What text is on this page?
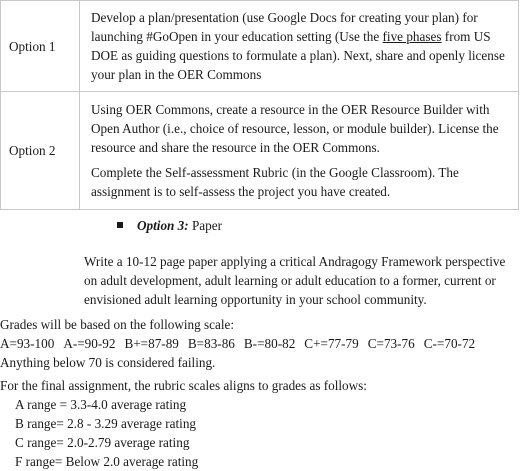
Option 1	Develop a plan/presentation (use Google Docs for creating your plan) for launching #GoOpen in your education setting (Use the five phases from US DOE as guiding questions to formulate a plan). Next, share and openly license your plan in the OER Commons

Option 2	Using OER Commons, create a resource in the OER Resource Builder with Open Author (i.e., choice of resource, lesson, or module builder). License the resource and share the resource in the OER Commons.

Complete the Self-assessment Rubric (in the Google Classroom). The assignment is to self-assess the project you have created.

Option 3: Paper

Write a 10-12 page paper applying a critical Andragogy Framework perspective on adult development, adult learning or adult education to a former, current or envisioned adult learning opportunity in your school community.

Grades will be based on the following scale:
A=93-100 A-=90-92 B+=87-89 B=83-86 B-=80-82 C+=77-79 C=73-76 C-=70-72
Anything below 70 is considered failing.
For the final assignment, the rubric scales aligns to grades as follows:
A range = 3.3-4.0 average rating
B range= 2.8 - 3.29 average rating
C range= 2.0-2.79 average rating
F range= Below 2.0 average rating
